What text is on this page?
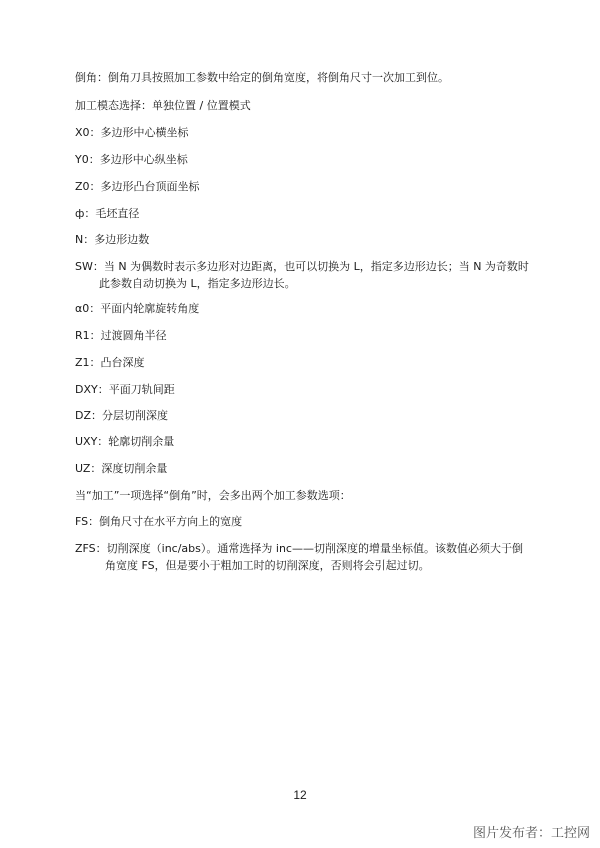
倒角：倒角刀具按照加工参数中给定的倒角宽度，将倒角尺寸一次加工到位。
加工模态选择：单独位置 / 位置模式
X0：多边形中心横坐标
Y0：多边形中心纵坐标
Z0：多边形凸台顶面坐标
ф：毛坯直径
N：多边形边数
SW：当 N 为偶数时表示多边形对边距离，也可以切换为 L，指定多边形边长；当 N 为奇数时
此参数自动切换为 L，指定多边形边长。
α0：平面内轮廓旋转角度
R1：过渡圆角半径
Z1：凸台深度
DXY：平面刀轨间距
DZ：分层切削深度
UXY：轮廓切削余量
UZ：深度切削余量
当“加工”一项选择“倒角”时，会多出两个加工参数选项：
FS：倒角尺寸在水平方向上的宽度
ZFS：切削深度（inc/abs）。通常选择为 inc——切削深度的增量坐标值。该数值必须大于倒
角宽度 FS，但是要小于粗加工时的切削深度，否则将会引起过切。
12
图片发布者：工控网
